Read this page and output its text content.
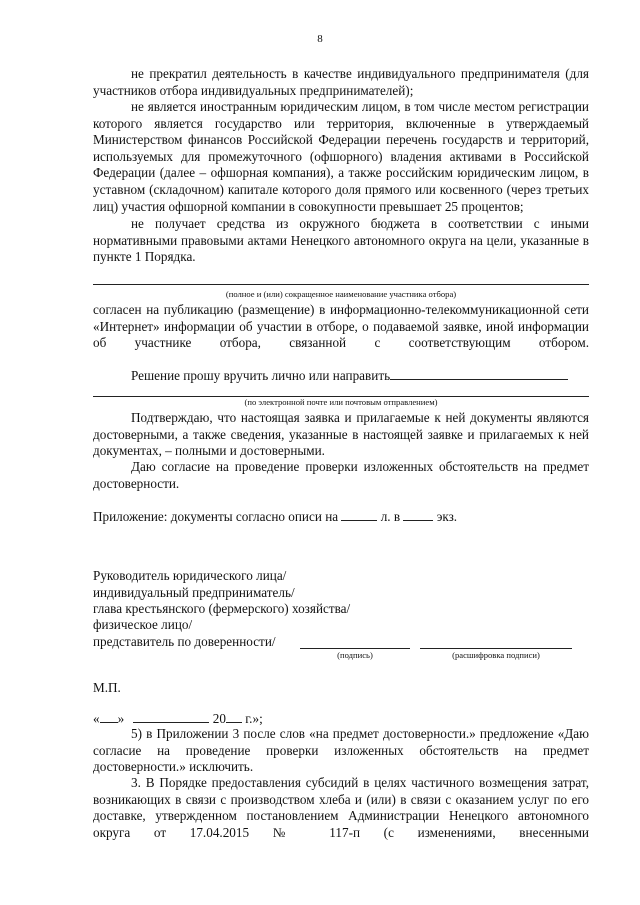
8
не прекратил деятельность в качестве индивидуального предпринимателя (для участников отбора индивидуальных предпринимателей);
не является иностранным юридическим лицом, в том числе местом регистрации которого является государство или территория, включенные в утверждаемый Министерством финансов Российской Федерации перечень государств и территорий, используемых для промежуточного (офшорного) владения активами в Российской Федерации (далее – офшорная компания), а также российским юридическим лицом, в уставном (складочном) капитале которого доля прямого или косвенного (через третьих лиц) участия офшорной компании в совокупности превышает 25 процентов;
не получает средства из окружного бюджета в соответствии с иными нормативными правовыми актами Ненецкого автономного округа на цели, указанные в пункте 1 Порядка.
(полное и (или) сокращенное наименование участника отбора)
согласен на публикацию (размещение) в информационно-телекоммуникационной сети «Интернет» информации об участии в отборе, о подаваемой заявке, иной информации об участнике отбора, связанной с соответствующим отбором.
Решение прошу вручить лично или направить
(по электронной почте или почтовым отправлением)
Подтверждаю, что настоящая заявка и прилагаемые к ней документы являются достоверными, а также сведения, указанные в настоящей заявке и прилагаемых к ней документах, – полными и достоверными.
Даю согласие на проведение проверки изложенных обстоятельств на предмет достоверности.
Приложение: документы согласно описи на	л. в	экз.
Руководитель юридического лица/
индивидуальный предприниматель/
глава крестьянского (фермерского) хозяйства/
физическое лицо/
представитель по доверенности/
(подпись)	(расшифровка подписи)
М.П.
« »	20 г.»;
5) в Приложении 3 после слов «на предмет достоверности.» предложение «Даю согласие на проведение проверки изложенных обстоятельств на предмет достоверности.» исключить.
3. В Порядке предоставления субсидий в целях частичного возмещения затрат, возникающих в связи с производством хлеба и (или) в связи с оказанием услуг по его доставке, утвержденном постановлением Администрации Ненецкого автономного округа от 17.04.2015 № 117-п (с изменениями, внесенными
